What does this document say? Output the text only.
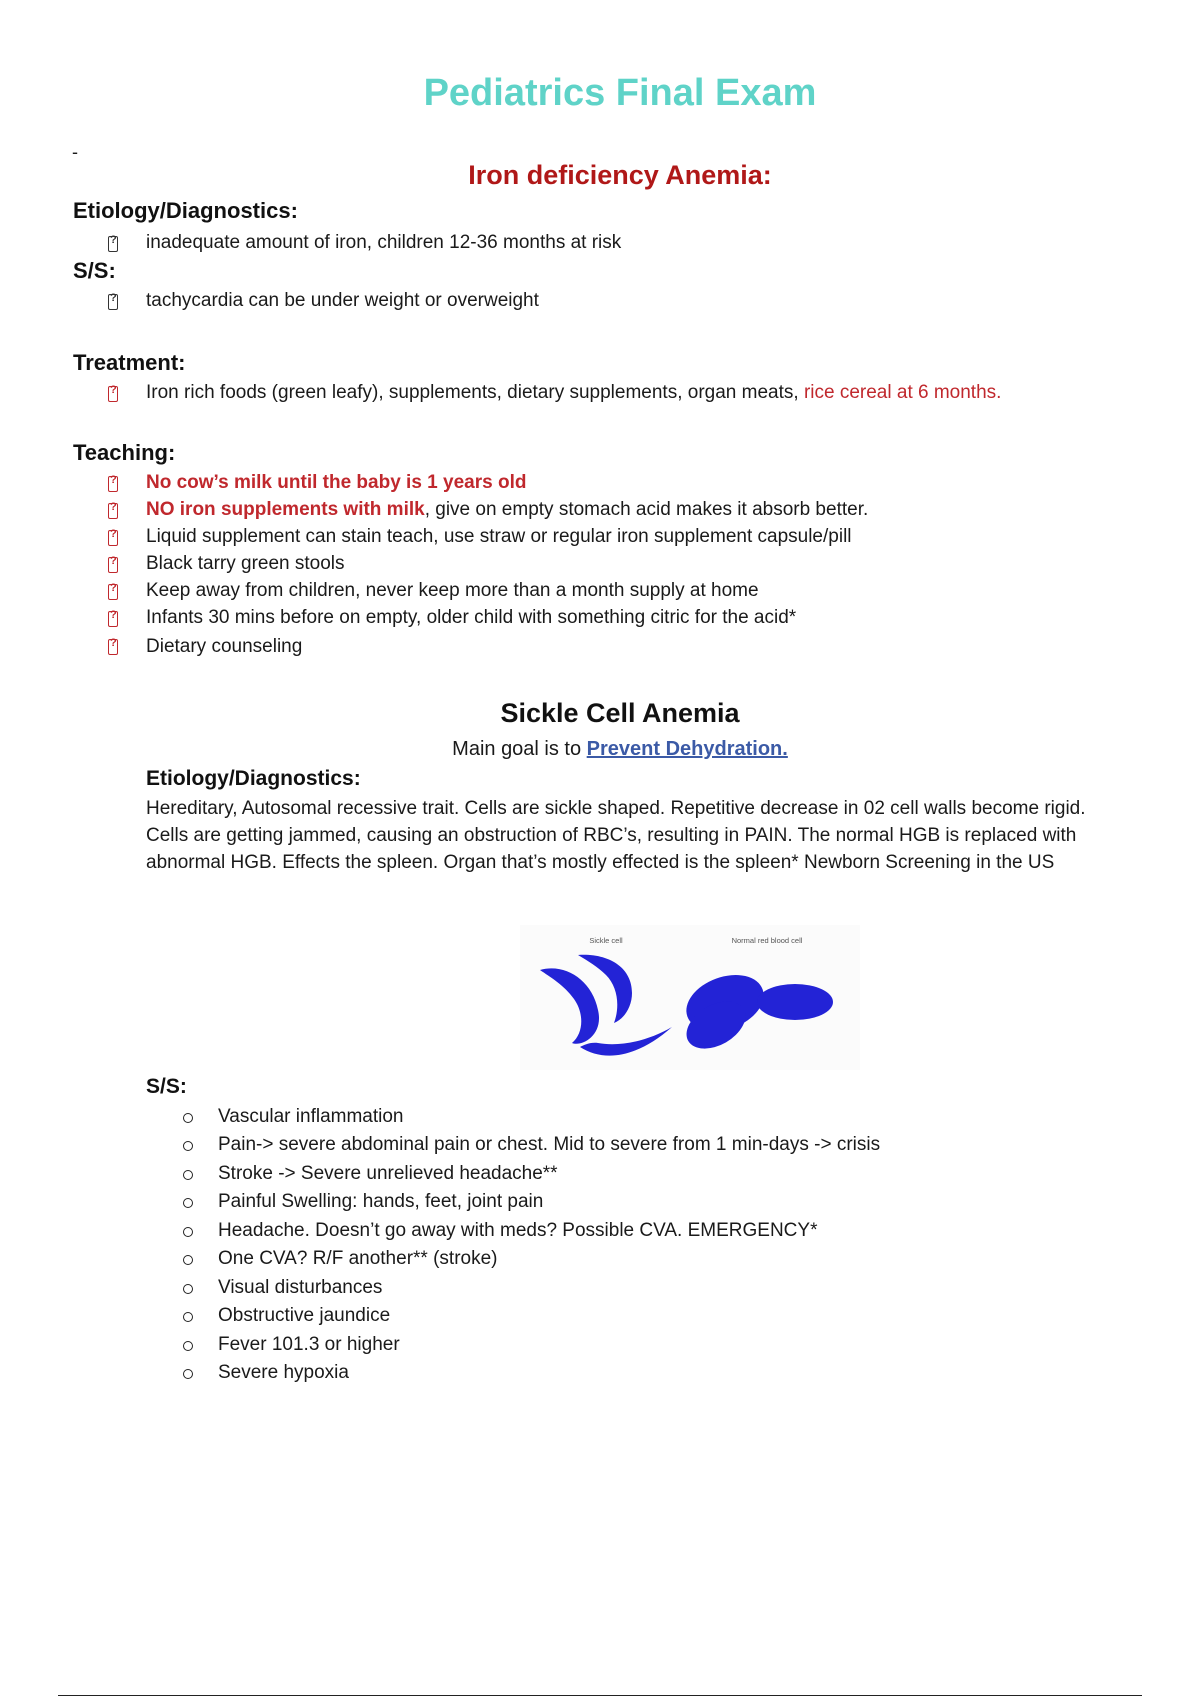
Pediatrics Final Exam
-
Iron deficiency Anemia:
Etiology/Diagnostics:
?
inadequate amount of iron, children 12-36 months at risk
S/S:
?
tachycardia can be under weight or overweight
Treatment:
?
Iron rich foods (green leafy), supplements, dietary supplements, organ meats, rice cereal at 6 months.
Teaching:
?
No cow’s milk until the baby is 1 years old
?
NO iron supplements with milk, give on empty stomach acid makes it absorb better.
?
Liquid supplement can stain teach, use straw or regular iron supplement capsule/pill
?
Black tarry green stools
?
Keep away from children, never keep more than a month supply at home
?
Infants 30 mins before on empty, older child with something citric for the acid*
?
Dietary counseling
Sickle Cell Anemia
Main goal is to Prevent Dehydration.
Etiology/Diagnostics:
Hereditary, Autosomal recessive trait. Cells are sickle shaped. Repetitive decrease in 02 cell walls become rigid.
Cells are getting jammed, causing an obstruction of RBC’s, resulting in PAIN. The normal HGB is replaced with
abnormal HGB. Effects the spleen. Organ that’s mostly effected is the spleen* Newborn Screening in the US
Sickle cell	Normal red blood cell
S/S:
Vascular inflammation
Pain-> severe abdominal pain or chest. Mid to severe from 1 min-days -> crisis
Stroke -> Severe unrelieved headache**
Painful Swelling: hands, feet, joint pain
Headache. Doesn’t go away with meds? Possible CVA. EMERGENCY*
One CVA? R/F another** (stroke)
Visual disturbances
Obstructive jaundice
Fever 101.3 or higher
Severe hypoxia
